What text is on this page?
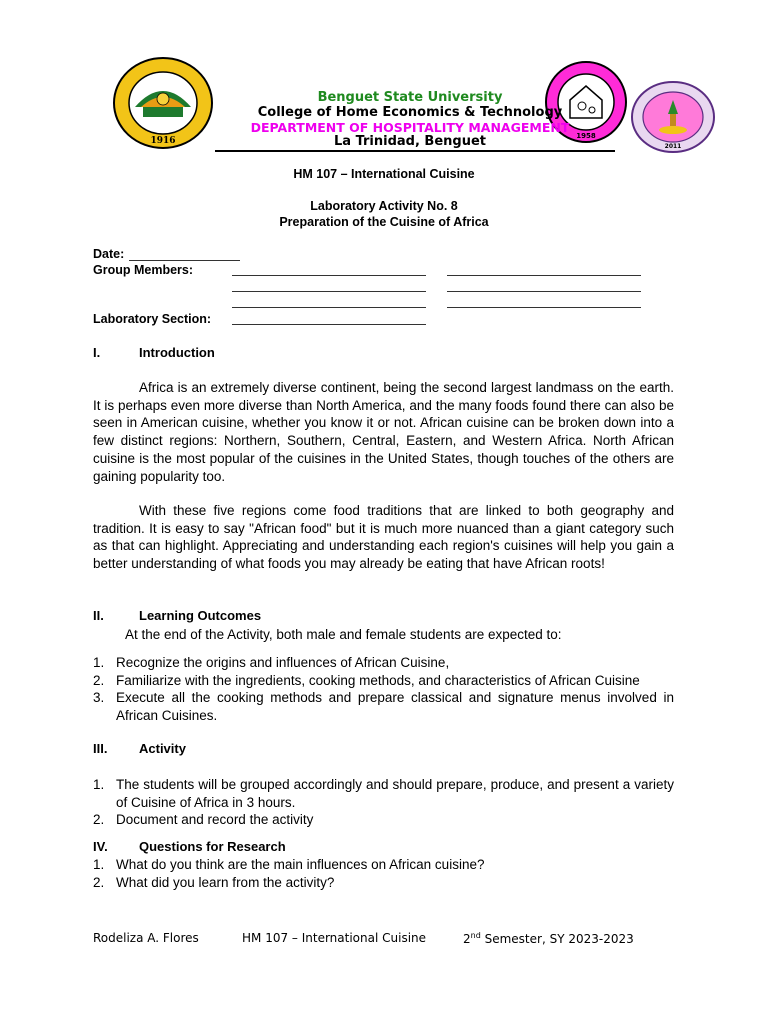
1916	1958
2011
Benguet State University
College of Home Economics & Technology
DEPARTMENT OF HOSPITALITY MANAGEMENT
La Trinidad, Benguet
HM 107 – International Cuisine
Laboratory Activity No. 8
Preparation of the Cuisine of Africa
Date:
Group Members:
Laboratory Section:
I.	Introduction
Africa is an extremely diverse continent, being the second largest landmass on the earth. It is perhaps even more diverse than North America, and the many foods found there can also be seen in American cuisine, whether you know it or not. African cuisine can be broken down into a few distinct regions: Northern, Southern, Central, Eastern, and Western Africa. North African cuisine is the most popular of the cuisines in the United States, though touches of the others are gaining popularity too.
With these five regions come food traditions that are linked to both geography and tradition. It is easy to say "African food" but it is much more nuanced than a giant category such as that can highlight. Appreciating and understanding each region's cuisines will help you gain a better understanding of what foods you may already be eating that have African roots!
II.	Learning Outcomes
At the end of the Activity, both male and female students are expected to:
1. Recognize the origins and influences of African Cuisine,
2. Familiarize with the ingredients, cooking methods, and characteristics of African Cuisine
3. Execute all the cooking methods and prepare classical and signature menus involved in African Cuisines.
III. Activity
1. The students will be grouped accordingly and should prepare, produce, and present a variety of Cuisine of Africa in 3 hours.
2. Document and record the activity
IV. Questions for Research
1. What do you think are the main influences on African cuisine?
2. What did you learn from the activity?
Rodeliza A. Flores	HM 107 – International Cuisine	2nd Semester, SY 2023-2023
